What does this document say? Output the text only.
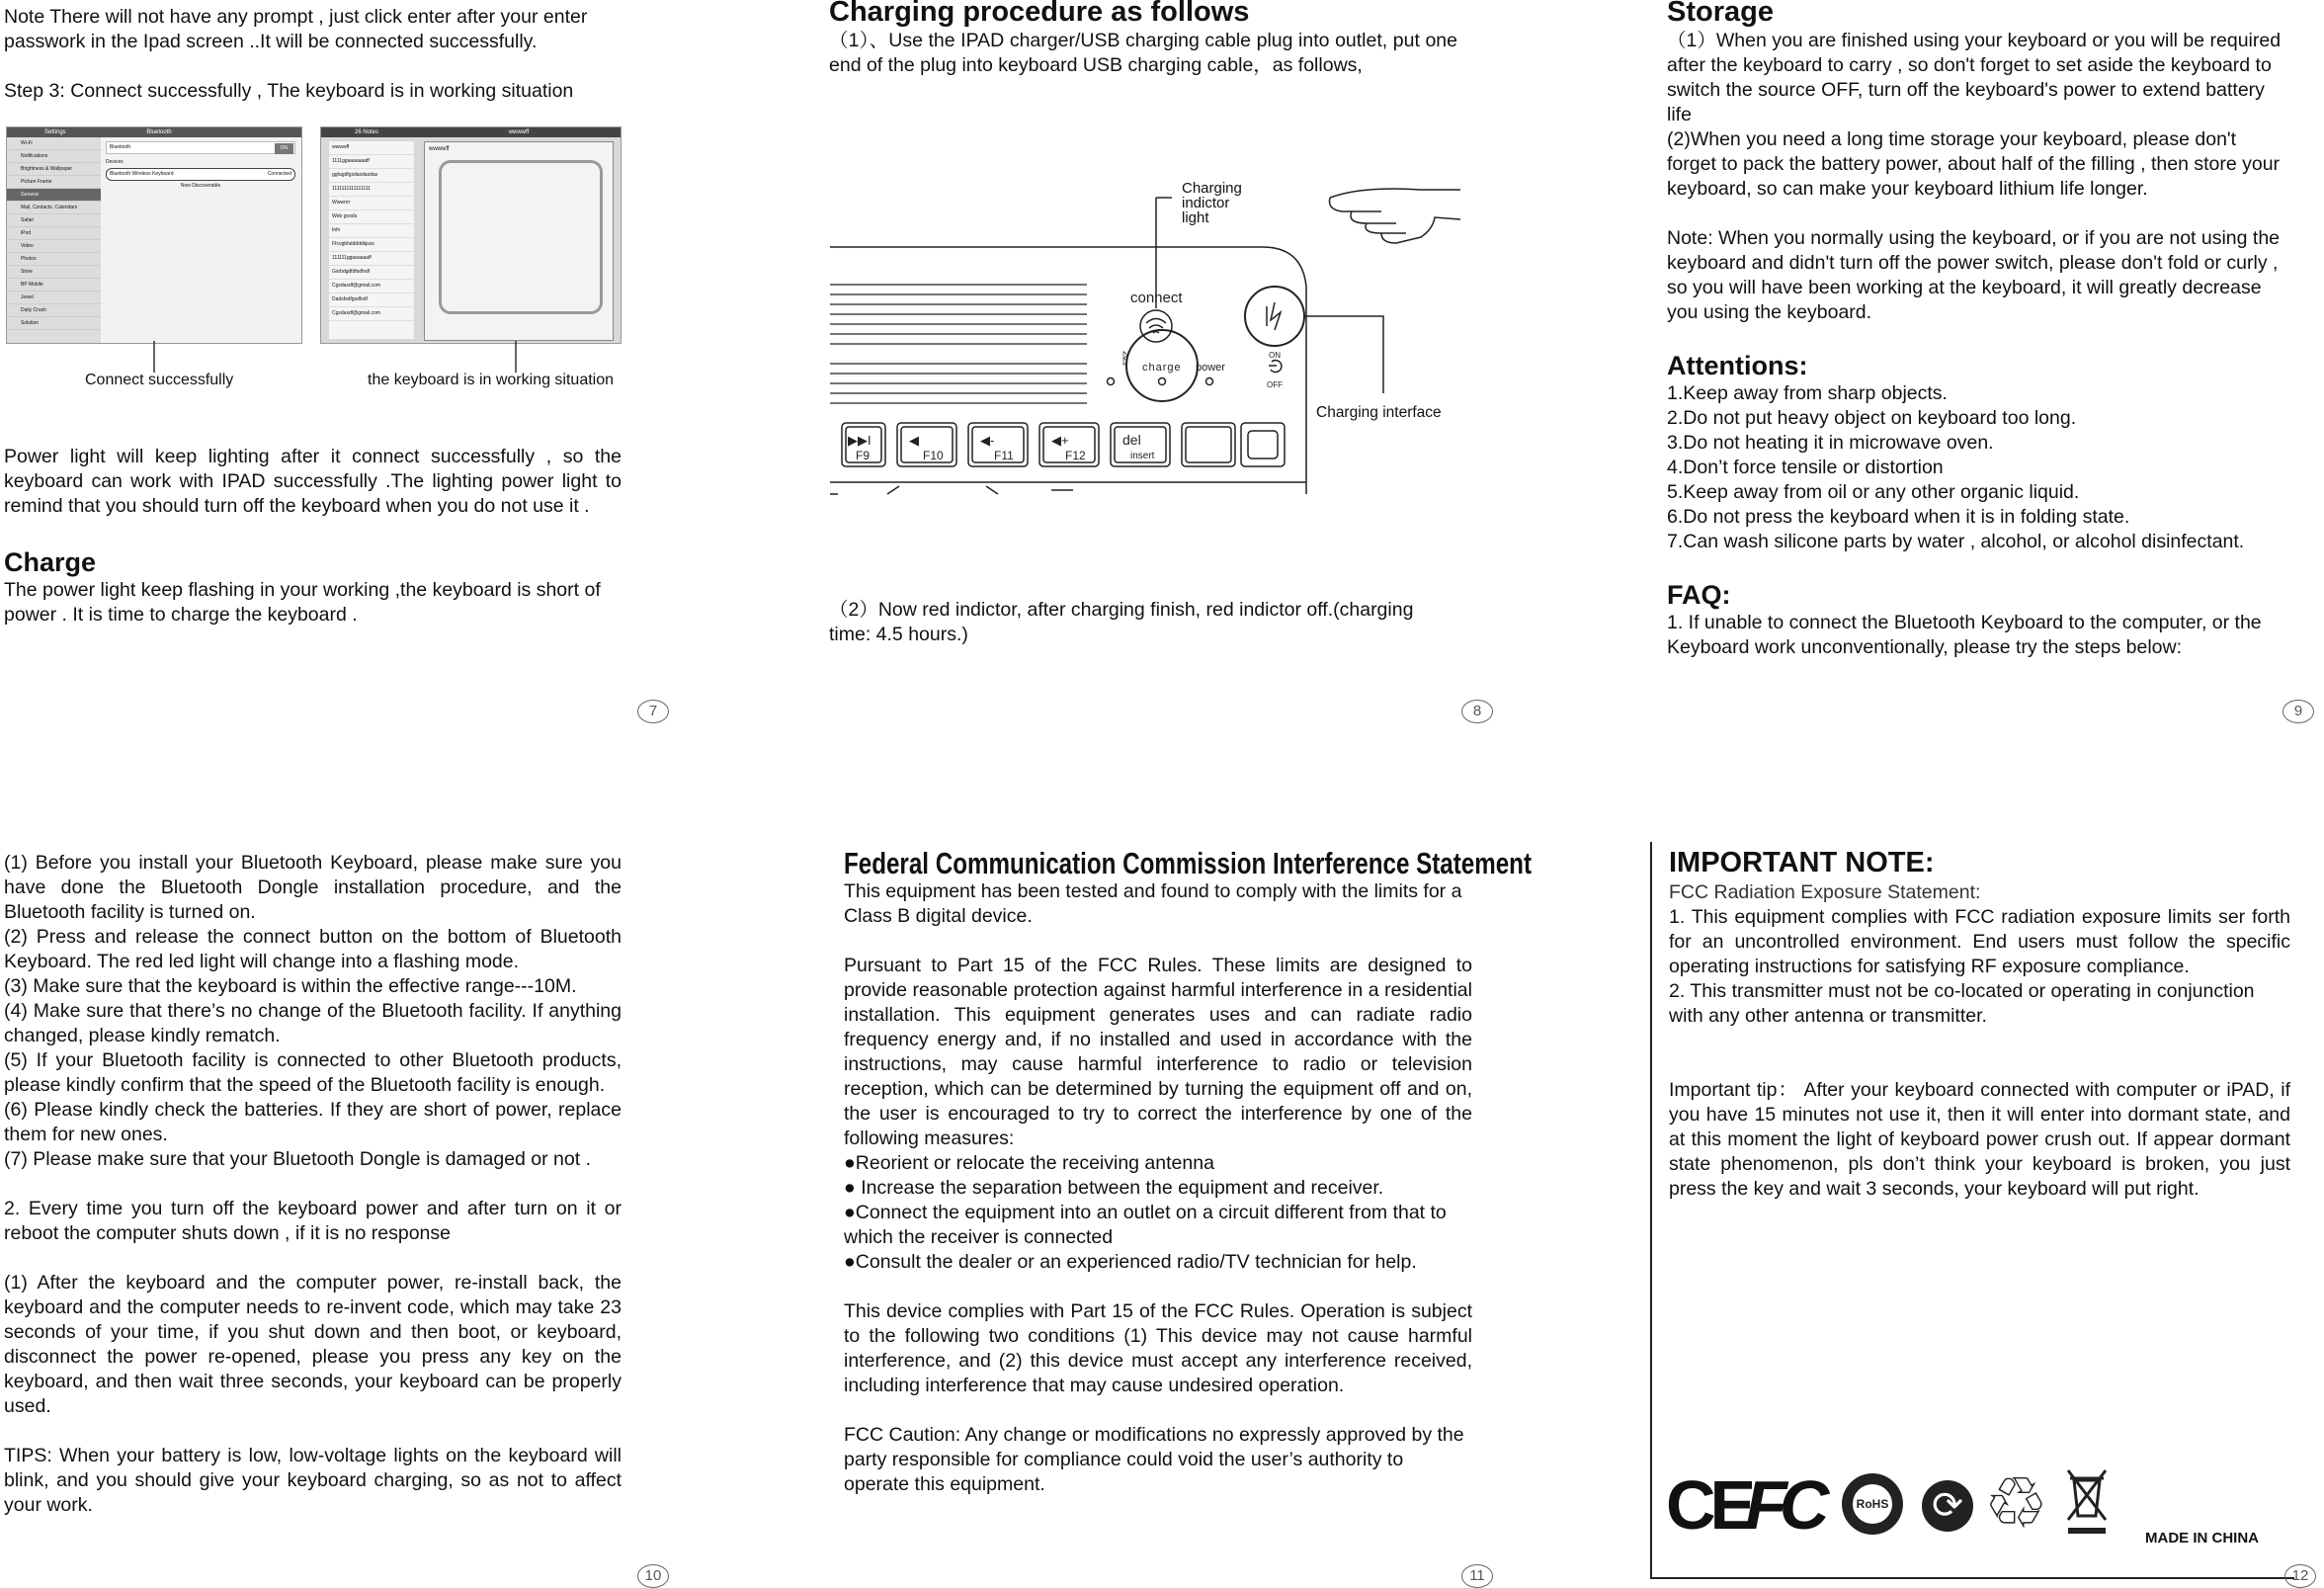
Note There will not have any prompt , just click enter after your enter passwork in the Ipad screen ..It will be connected successfully.

Step 3: Connect successfully , The keyboard is in working situation

Settings	Bluetooth
Wi-Fi
Notifications
Brightness & Wallpaper
Picture Frame
General
Mail, Contacts, Calendars
Safari
iPod
Video
Photos
Store
BP Mobile
Jewel
Daily Crush
Solution
Bluetooth	ON
Devices
Bluetooth Wireless Keyboard	Connected
Now Discoverable
26 Notes	wwwwff
wwwwff
1111ggaaaaaaaff
ggfagdfgsdasdasdas
1111111111111111
Wwwrrrr
Web goods
Info
Ffcvgbhdddddkjsss
111111ggaaaaaaff
Gsrbdgdfdfsdfsdf
Cgsdasdf@gmail.com
Dadsfsdfgsdfsdf
Cgsdasdf@gmail.com
wwwwff
Connect successfully	the keyboard is in working situation

Power light will keep lighting after it connect successfully , so the keyboard can work with IPAD successfully .The lighting power light to remind that you should turn off the keyboard when you do not use it .

Charge

The power light keep flashing in your working ,the keyboard is short of power . It is time to charge the keyboard .

7

Charging procedure as follows

（1）、Use the IPAD charger/USB charging cable plug into outlet, put one end of the plug into keyboard USB charging cable，as follows,

ᛒ
▶▶I
F9
◀
F10
◀-
F11
◀+
F12
del
insert
charge power
connect
ON
OFF
Charging indictor light
Charging interface

（2）Now red indictor, after charging finish, red indictor off.(charging time: 4.5 hours.)

8

Storage

（1）When you are finished using your keyboard or you will be required after the keyboard to carry , so don't forget to set aside the keyboard to switch the source OFF, turn off the keyboard's power to extend battery life

(2)When you need a long time storage your keyboard, please don't forget to pack the battery power, about half of the filling , then store your keyboard, so can make your keyboard lithium life longer.

Note: When you normally using the keyboard, or if you are not using the keyboard and didn't turn off the power switch, please don't fold or curly , so you will have been working at the keyboard, it will greatly decrease you using the keyboard.

Attentions:

1.Keep away from sharp objects.

2.Do not put heavy object on keyboard too long.

3.Do not heating it in microwave oven.

4.Don’t force tensile or distortion

5.Keep away from oil or any other organic liquid.

6.Do not press the keyboard when it is in folding state.

7.Can wash silicone parts by water , alcohol, or alcohol disinfectant.

FAQ:

1. If unable to connect the Bluetooth Keyboard to the computer, or the Keyboard work unconventionally, please try the steps below:

9

(1) Before you install your Bluetooth Keyboard, please make sure you have done the Bluetooth Dongle installation procedure, and the Bluetooth facility is turned on.

(2) Press and release the connect button on the bottom of Bluetooth Keyboard. The red led light will change into a flashing mode.

(3) Make sure that the keyboard is within the effective range---10M.

(4) Make sure that there’s no change of the Bluetooth facility. If anything changed, please kindly rematch.

(5) If your Bluetooth facility is connected to other Bluetooth products, please kindly confirm that the speed of the Bluetooth facility is enough.

(6) Please kindly check the batteries. If they are short of power, replace them for new ones.

(7) Please make sure that your Bluetooth Dongle is damaged or not .

2. Every time you turn off the keyboard power and after turn on it or reboot the computer shuts down , if it is no response

(1) After the keyboard and the computer power, re-install back, the keyboard and the computer needs to re-invent code, which may take 23 seconds of your time, if you shut down and then boot, or keyboard, disconnect the power re-opened, please you press any key on the keyboard, and then wait three seconds, your keyboard can be properly used.

TIPS: When your battery is low, low-voltage lights on the keyboard will blink, and you should give your keyboard charging, so as not to affect your work.

10

Federal Communication Commission Interference Statement

This equipment has been tested and found to comply with the limits for a Class B digital device.

Pursuant to Part 15 of the FCC Rules. These limits are designed to provide reasonable protection against harmful interference in a residential installation. This equipment generates uses and can radiate radio frequency energy and, if no installed and used in accordance with the instructions, may cause harmful interference to radio or television reception, which can be determined by turning the equipment off and on, the user is encouraged to try to correct the interference by one of the following measures:

●Reorient or relocate the receiving antenna

● Increase the separation between the equipment and receiver.

●Connect the equipment into an outlet on a circuit different from that to which the receiver is connected

●Consult the dealer or an experienced radio/TV technician for help.

This device complies with Part 15 of the FCC Rules. Operation is subject to the following two conditions (1) This device may not cause harmful interference, and (2) this device must accept any interference received, including interference that may cause undesired operation.

FCC Caution: Any change or modifications no expressly approved by the party responsible for compliance could void the user’s authority to operate this equipment.

11

IMPORTANT NOTE:

FCC Radiation Exposure Statement:

1. This equipment complies with FCC radiation exposure limits ser forth for an uncontrolled environment. End users must follow the specific operating instructions for satisfying RF exposure compliance.

2. This transmitter must not be co-located or operating in conjunction with any other antenna or transmitter.

Important tip： After your keyboard connected with computer or iPAD, if you have 15 minutes not use it, then it will enter into dormant state, and at this moment the light of keyboard power crush out. If appear dormant state phenomenon, pls don’t think your keyboard is broken, you just press the key and wait 3 seconds, your keyboard will put right.

CE
FC	RoHS ⟳ ♲	MADE IN CHINA
12
